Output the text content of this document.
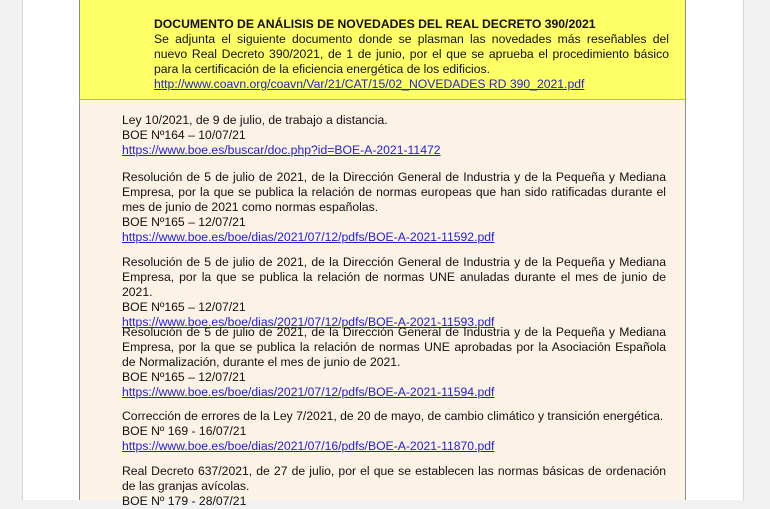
DOCUMENTO DE ANÁLISIS DE NOVEDADES DEL REAL DECRETO 390/2021
Se adjunta el siguiente documento donde se plasman las novedades más reseñables del nuevo Real Decreto 390/2021, de 1 de junio, por el que se aprueba el procedimiento básico para la certificación de la eficiencia energética de los edificios.
http://www.coavn.org/coavn/Var/21/CAT/15/02_NOVEDADES RD 390_2021.pdf
Ley 10/2021, de 9 de julio, de trabajo a distancia.
BOE Nº164 – 10/07/21
https://www.boe.es/buscar/doc.php?id=BOE-A-2021-11472
Resolución de 5 de julio de 2021, de la Dirección General de Industria y de la Pequeña y Mediana Empresa, por la que se publica la relación de normas europeas que han sido ratificadas durante el mes de junio de 2021 como normas españolas.
BOE Nº165 – 12/07/21
https://www.boe.es/boe/dias/2021/07/12/pdfs/BOE-A-2021-11592.pdf
Resolución de 5 de julio de 2021, de la Dirección General de Industria y de la Pequeña y Mediana Empresa, por la que se publica la relación de normas UNE anuladas durante el mes de junio de 2021.
BOE Nº165 – 12/07/21
https://www.boe.es/boe/dias/2021/07/12/pdfs/BOE-A-2021-11593.pdf
Resolución de 5 de julio de 2021, de la Dirección General de Industria y de la Pequeña y Mediana Empresa, por la que se publica la relación de normas UNE aprobadas por la Asociación Española de Normalización, durante el mes de junio de 2021.
BOE Nº165 – 12/07/21
https://www.boe.es/boe/dias/2021/07/12/pdfs/BOE-A-2021-11594.pdf
Corrección de errores de la Ley 7/2021, de 20 de mayo, de cambio climático y transición energética.
BOE Nº 169 - 16/07/21
https://www.boe.es/boe/dias/2021/07/16/pdfs/BOE-A-2021-11870.pdf
Real Decreto 637/2021, de 27 de julio, por el que se establecen las normas básicas de ordenación de las granjas avícolas.
BOE Nº 179 - 28/07/21
